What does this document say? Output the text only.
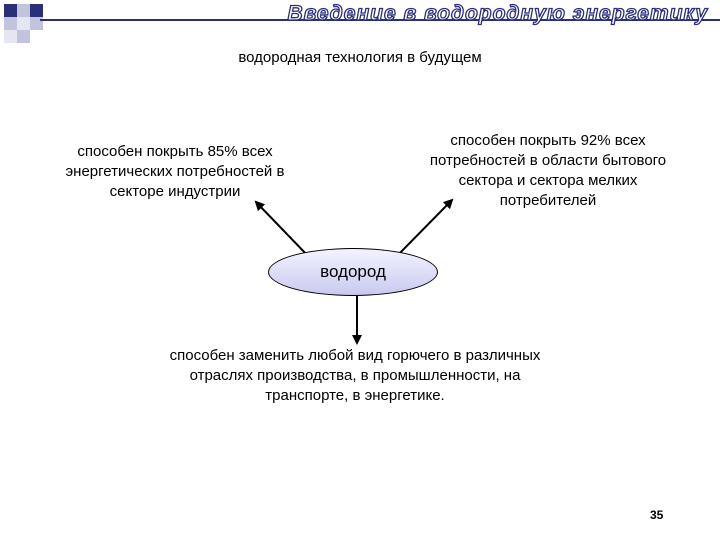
Введение в водородную энергетику
водородная технология в будущем
способен покрыть 85% всех
энергетических потребностей в
секторе индустрии
способен покрыть 92% всех
потребностей в области бытового
сектора и сектора мелких
потребителей
водород
способен заменить любой вид горючего в различных
отраслях производства, в промышленности, на
транспорте, в энергетике.
35
